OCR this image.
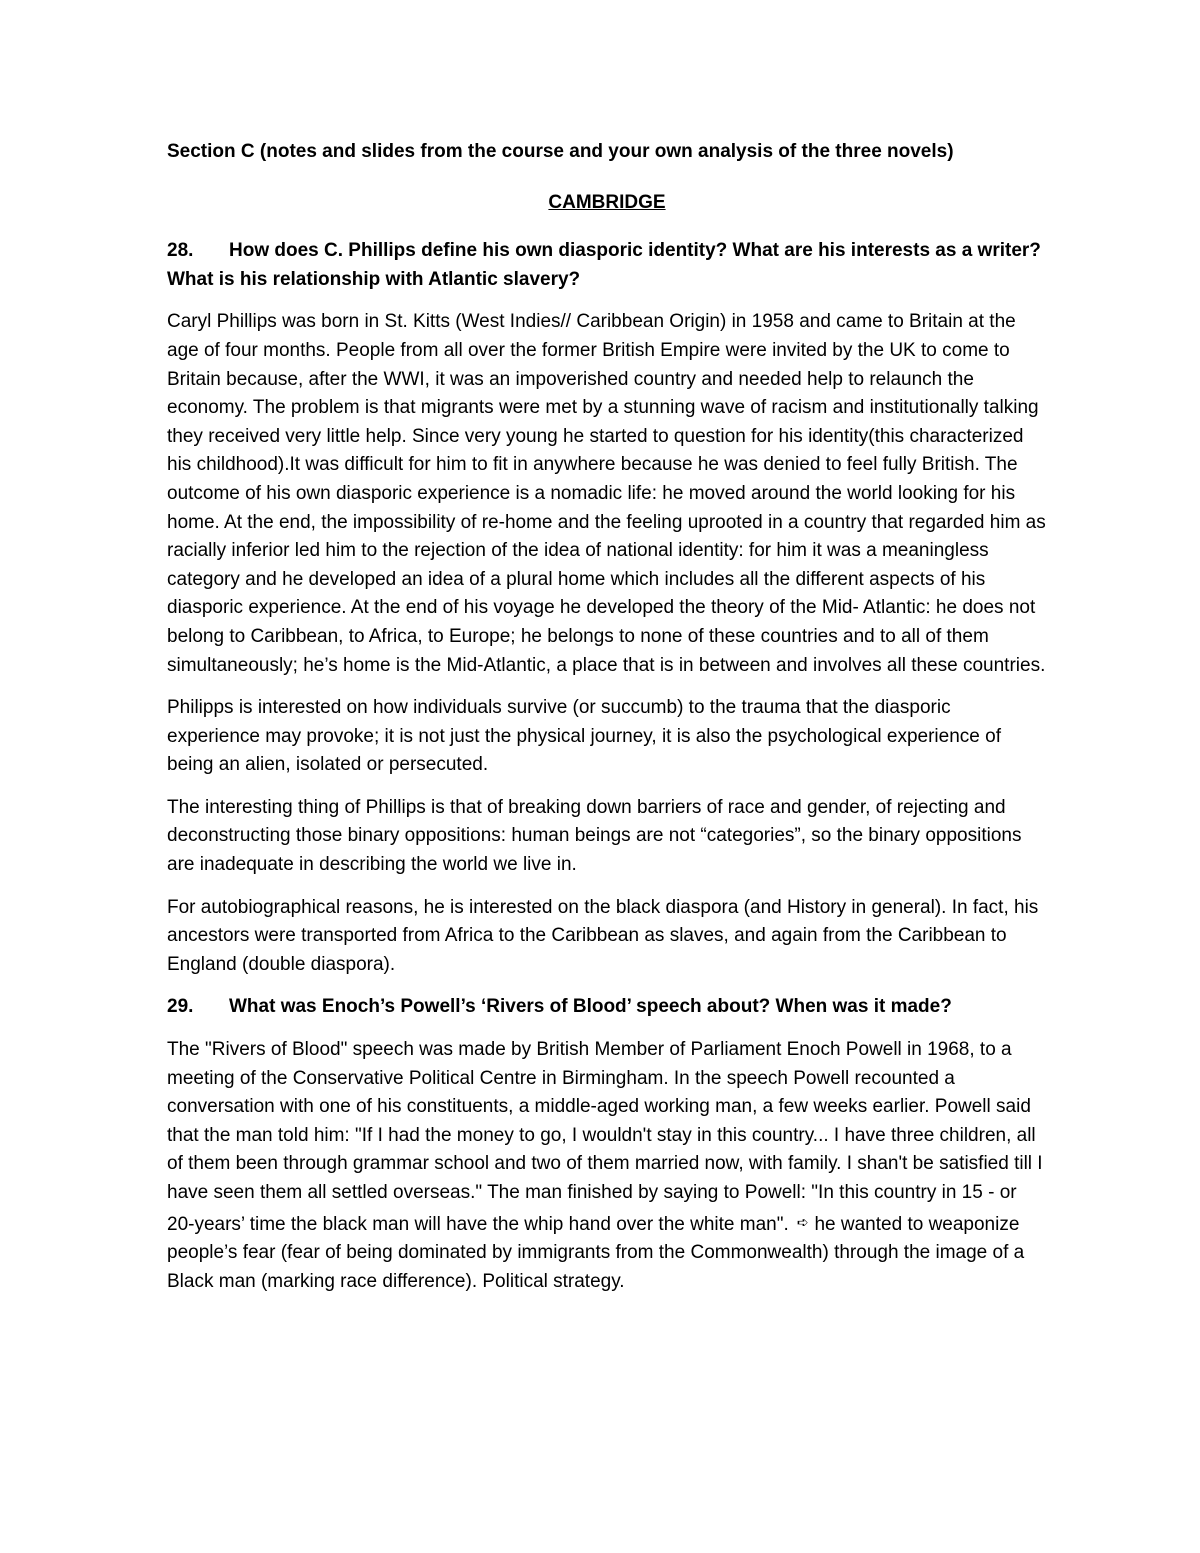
Section C (notes and slides from the course and your own analysis of the three novels)
CAMBRIDGE
28. How does C. Phillips define his own diasporic identity? What are his interests as a writer? What is his relationship with Atlantic slavery?

Caryl Phillips was born in St. Kitts (West Indies// Caribbean Origin) in 1958 and came to Britain at the age of four months. People from all over the former British Empire were invited by the UK to come to Britain because, after the WWI, it was an impoverished country and needed help to relaunch the economy. The problem is that migrants were met by a stunning wave of racism and institutionally talking they received very little help. Since very young he started to question for his identity(this characterized his childhood).It was difficult for him to fit in anywhere because he was denied to feel fully British. The outcome of his own diasporic experience is a nomadic life: he moved around the world looking for his home. At the end, the impossibility of re-home and the feeling uprooted in a country that regarded him as racially inferior led him to the rejection of the idea of national identity: for him it was a meaningless category and he developed an idea of a plural home which includes all the different aspects of his diasporic experience. At the end of his voyage he developed the theory of the Mid- Atlantic: he does not belong to Caribbean, to Africa, to Europe; he belongs to none of these countries and to all of them simultaneously; he’s home is the Mid-Atlantic, a place that is in between and involves all these countries.

Philipps is interested on how individuals survive (or succumb) to the trauma that the diasporic experience may provoke; it is not just the physical journey, it is also the psychological experience of being an alien, isolated or persecuted.

The interesting thing of Phillips is that of breaking down barriers of race and gender, of rejecting and deconstructing those binary oppositions: human beings are not “categories”, so the binary oppositions are inadequate in describing the world we live in.

For autobiographical reasons, he is interested on the black diaspora (and History in general). In fact, his ancestors were transported from Africa to the Caribbean as slaves, and again from the Caribbean to England (double diaspora).

29. What was Enoch’s Powell’s ‘Rivers of Blood’ speech about? When was it made?

The "Rivers of Blood" speech was made by British Member of Parliament Enoch Powell in 1968, to a meeting of the Conservative Political Centre in Birmingham. In the speech Powell recounted a conversation with one of his constituents, a middle-aged working man, a few weeks earlier. Powell said that the man told him: "If I had the money to go, I wouldn't stay in this country... I have three children, all of them been through grammar school and two of them married now, with family. I shan't be satisfied till I have seen them all settled overseas." The man finished by saying to Powell: "In this country in 15 - or 20-years’ time the black man will have the whip hand over the white man". ➪ he wanted to weaponize people’s fear (fear of being dominated by immigrants from the Commonwealth) through the image of a Black man (marking race difference). Political strategy.
